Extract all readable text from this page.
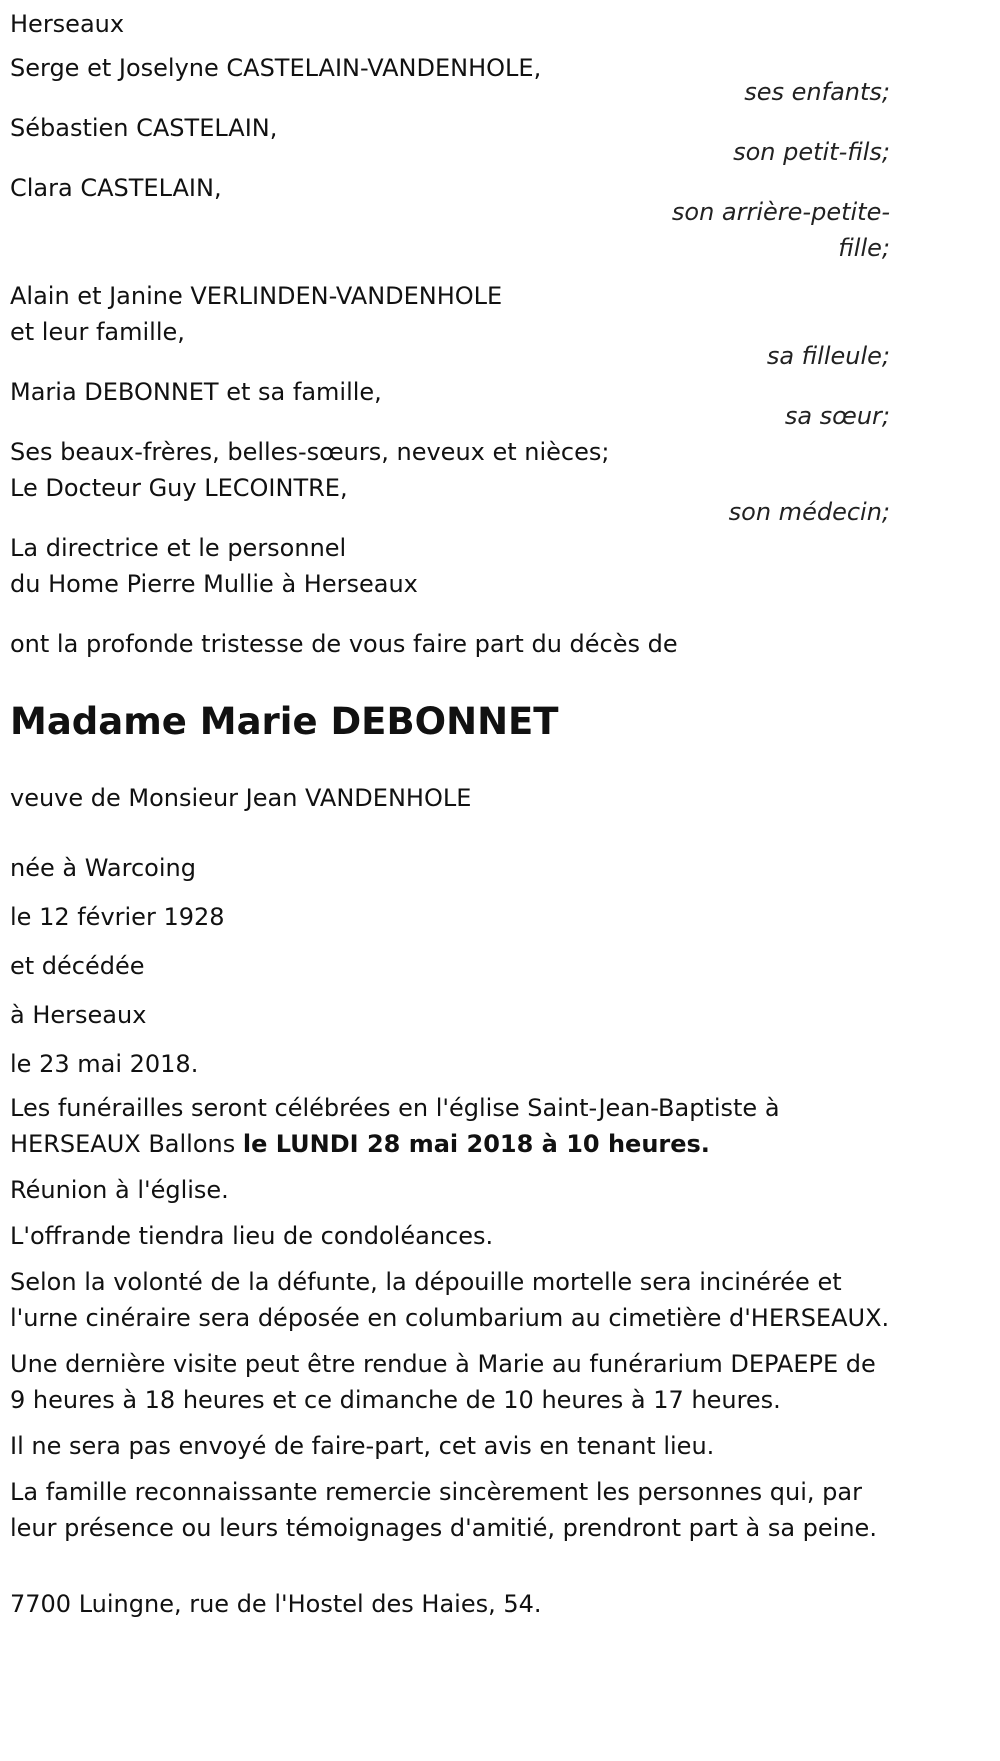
Herseaux
Serge et Joselyne CASTELAIN-VANDENHOLE,
ses enfants;
Sébastien CASTELAIN,
son petit-fils;
Clara CASTELAIN,
son arrière-petite-fille;
Alain et Janine VERLINDEN-VANDENHOLE
et leur famille,
sa filleule;
Maria DEBONNET et sa famille,
sa sœur;
Ses beaux-frères, belles-sœurs, neveux et nièces;
Le Docteur Guy LECOINTRE,
son médecin;
La directrice et le personnel
du Home Pierre Mullie à Herseaux
ont la profonde tristesse de vous faire part du décès de
Madame Marie DEBONNET
veuve de Monsieur Jean VANDENHOLE

née à Warcoing

le 12 février 1928

et décédée

à Herseaux

le 23 mai 2018.

Les funérailles seront célébrées en l'église Saint-Jean-Baptiste à HERSEAUX Ballons le LUNDI 28 mai 2018 à 10 heures.

Réunion à l'église.

L'offrande tiendra lieu de condoléances.

Selon la volonté de la défunte, la dépouille mortelle sera incinérée et l'urne cinéraire sera déposée en columbarium au cimetière d'HERSEAUX.

Une dernière visite peut être rendue à Marie au funérarium DEPAEPE de 9 heures à 18 heures et ce dimanche de 10 heures à 17 heures.

Il ne sera pas envoyé de faire-part, cet avis en tenant lieu.

La famille reconnaissante remercie sincèrement les personnes qui, par leur présence ou leurs témoignages d'amitié, prendront part à sa peine.

7700 Luingne, rue de l'Hostel des Haies, 54.
